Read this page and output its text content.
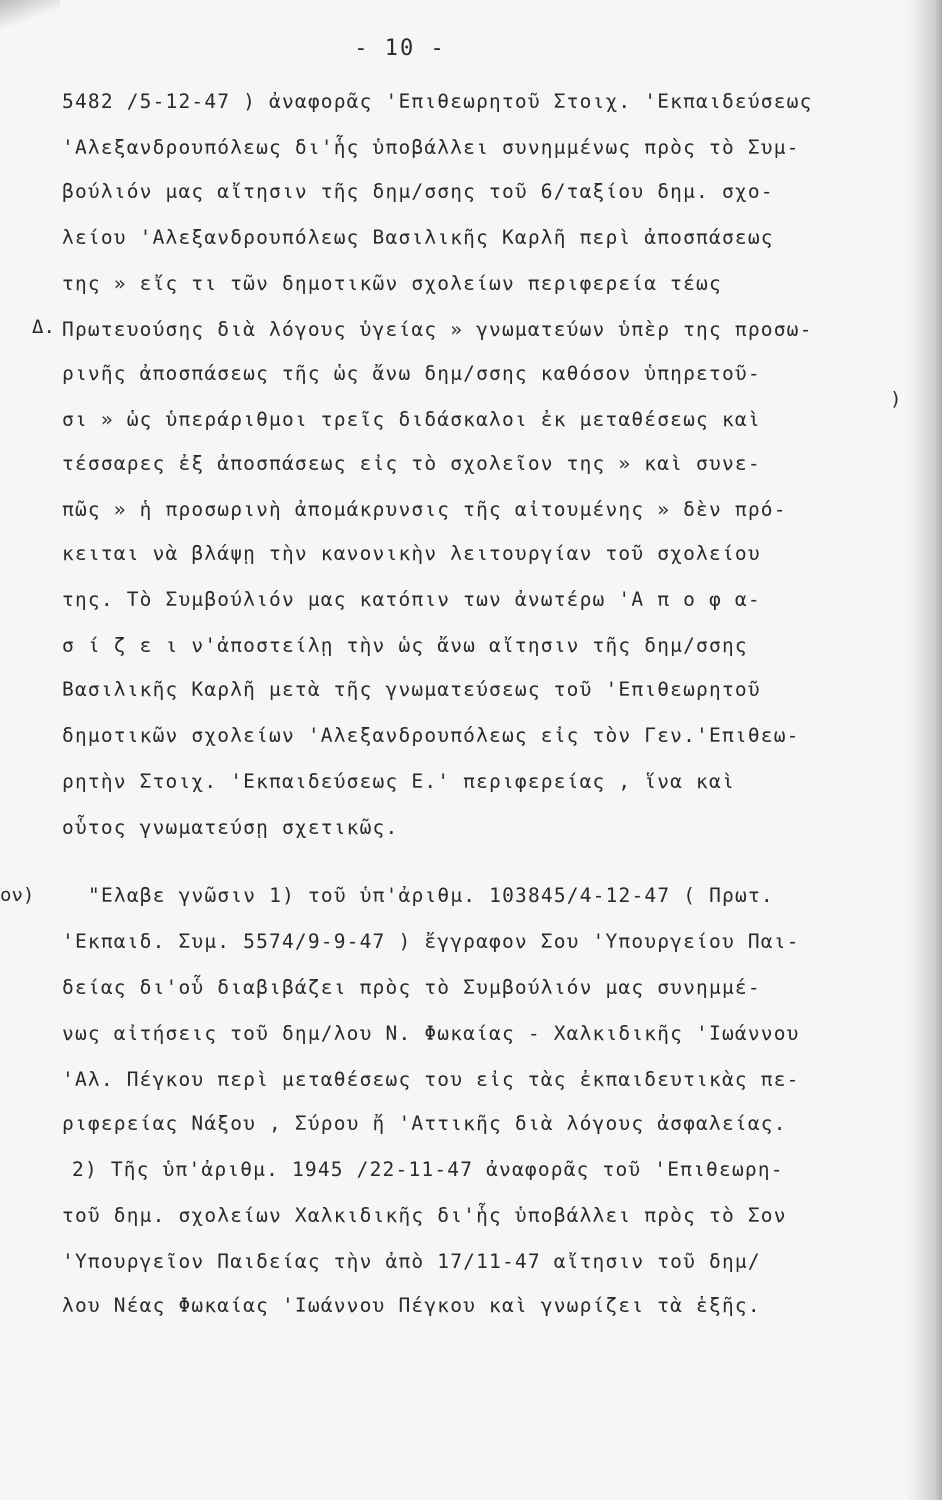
- 10 -
Δ.
ον)
)
5482 /5-12-47 ) ἀναφορᾶς 'Επιθεωρητοῦ Στοιχ. 'Εκπαιδεύσεως
'Αλεξανδρουπόλεως δι'ἧς ὑποβάλλει συνημμένως πρὸς τὸ Συμ-
βούλιόν μας αἴτησιν τῆς δημ/σσης τοῦ 6/ταξίου δημ. σχο-
λείου 'Αλεξανδρουπόλεως Βασιλικῆς Καρλῆ περὶ ἀποσπάσεως
της » εἴς τι τῶν δημοτικῶν σχολείων περιφερεία τέως
Πρωτευούσης διὰ λόγους ὑγείας » γνωματεύων ὑπὲρ της προσω-
ρινῆς ἀποσπάσεως τῆς ὡς ἄνω δημ/σσης καθόσον ὑπηρετοῦ-
σι » ὡς ὑπεράριθμοι τρεῖς διδάσκαλοι ἐκ μεταθέσεως καὶ
τέσσαρες ἐξ ἀποσπάσεως εἰς τὸ σχολεῖον της » καὶ συνε-
πῶς » ἡ προσωρινὴ ἀπομάκρυνσις τῆς αἰτουμένης » δὲν πρό-
κειται νὰ βλάψῃ τὴν κανονικὴν λειτουργίαν τοῦ σχολείου
της. Τὸ Συμβούλιόν μας κατόπιν των ἀνωτέρω 'Α π ο φ α-
σ ί ζ ε ι ν'ἀποστείλῃ τὴν ὡς ἄνω αἴτησιν τῆς δημ/σσης
Βασιλικῆς Καρλῆ μετὰ τῆς γνωματεύσεως τοῦ 'Επιθεωρητοῦ
δημοτικῶν σχολείων 'Αλεξανδρουπόλεως εἰς τὸν Γεν.'Επιθεω-
ρητὴν Στοιχ. 'Εκπαιδεύσεως Ε.' περιφερείας , ἵνα καὶ
οὗτος γνωματεύσῃ σχετικῶς.
"Ελαβε γνῶσιν 1) τοῦ ὑπ'ἀριθμ. 103845/4-12-47 ( Πρωτ.
'Εκπαιδ. Συμ. 5574/9-9-47 ) ἔγγραφον Σου 'Υπουργείου Παι-
δείας δι'οὗ διαβιβάζει πρὸς τὸ Συμβούλιόν μας συνημμέ-
νως αἰτήσεις τοῦ δημ/λου Ν. Φωκαίας - Χαλκιδικῆς 'Ιωάννου
'Αλ. Πέγκου περὶ μεταθέσεως του εἰς τὰς ἐκπαιδευτικὰς πε-
ριφερείας Νάξου , Σύρου ἤ 'Αττικῆς διὰ λόγους ἀσφαλείας.
2) Τῆς ὑπ'ἀριθμ. 1945 /22-11-47 ἀναφορᾶς τοῦ 'Επιθεωρη-
τοῦ δημ. σχολείων Χαλκιδικῆς δι'ἧς ὑποβάλλει πρὸς τὸ Σον
'Υπουργεῖον Παιδείας τὴν ἀπὸ 17/11-47 αἴτησιν τοῦ δημ/
λου Νέας Φωκαίας 'Ιωάννου Πέγκου καὶ γνωρίζει τὰ ἑξῆς.
